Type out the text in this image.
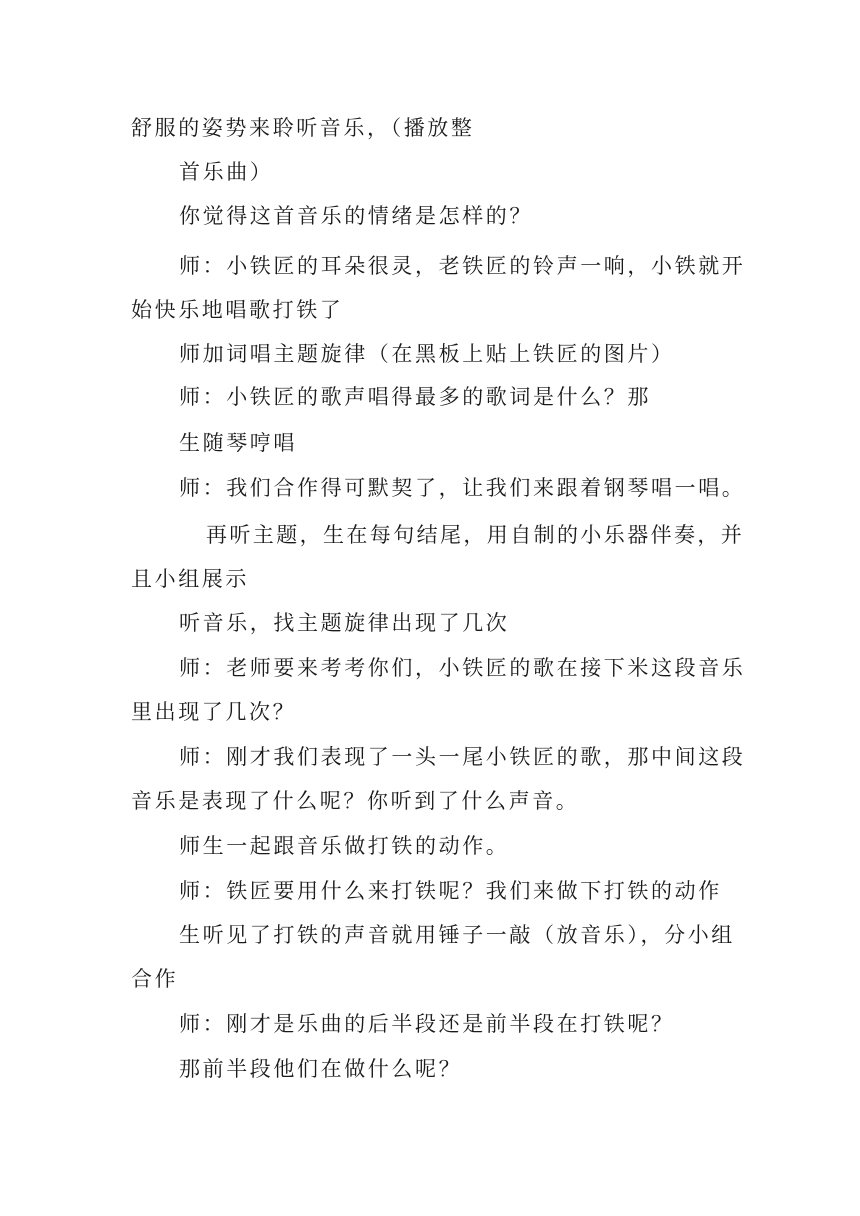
舒服的姿势来聆听音乐，（播放整
首乐曲）
你觉得这首音乐的情绪是怎样的？
师：小铁匠的耳朵很灵，老铁匠的铃声一响，小铁就开
始快乐地唱歌打铁了
师加词唱主题旋律（在黑板上贴上铁匠的图片）
师：小铁匠的歌声唱得最多的歌词是什么？那
生随琴哼唱
师：我们合作得可默契了，让我们来跟着钢琴唱一唱。
再听主题，生在每句结尾，用自制的小乐器伴奏，并
且小组展示
听音乐，找主题旋律出现了几次
师：老师要来考考你们，小铁匠的歌在接下米这段音乐
里出现了几次？
师：刚才我们表现了一头一尾小铁匠的歌，那中间这段
音乐是表现了什么呢？你听到了什么声音。
师生一起跟音乐做打铁的动作。
师：铁匠要用什么来打铁呢？我们来做下打铁的动作
生听见了打铁的声音就用锤子一敲（放音乐），分小组
合作
师：刚才是乐曲的后半段还是前半段在打铁呢？
那前半段他们在做什么呢？
